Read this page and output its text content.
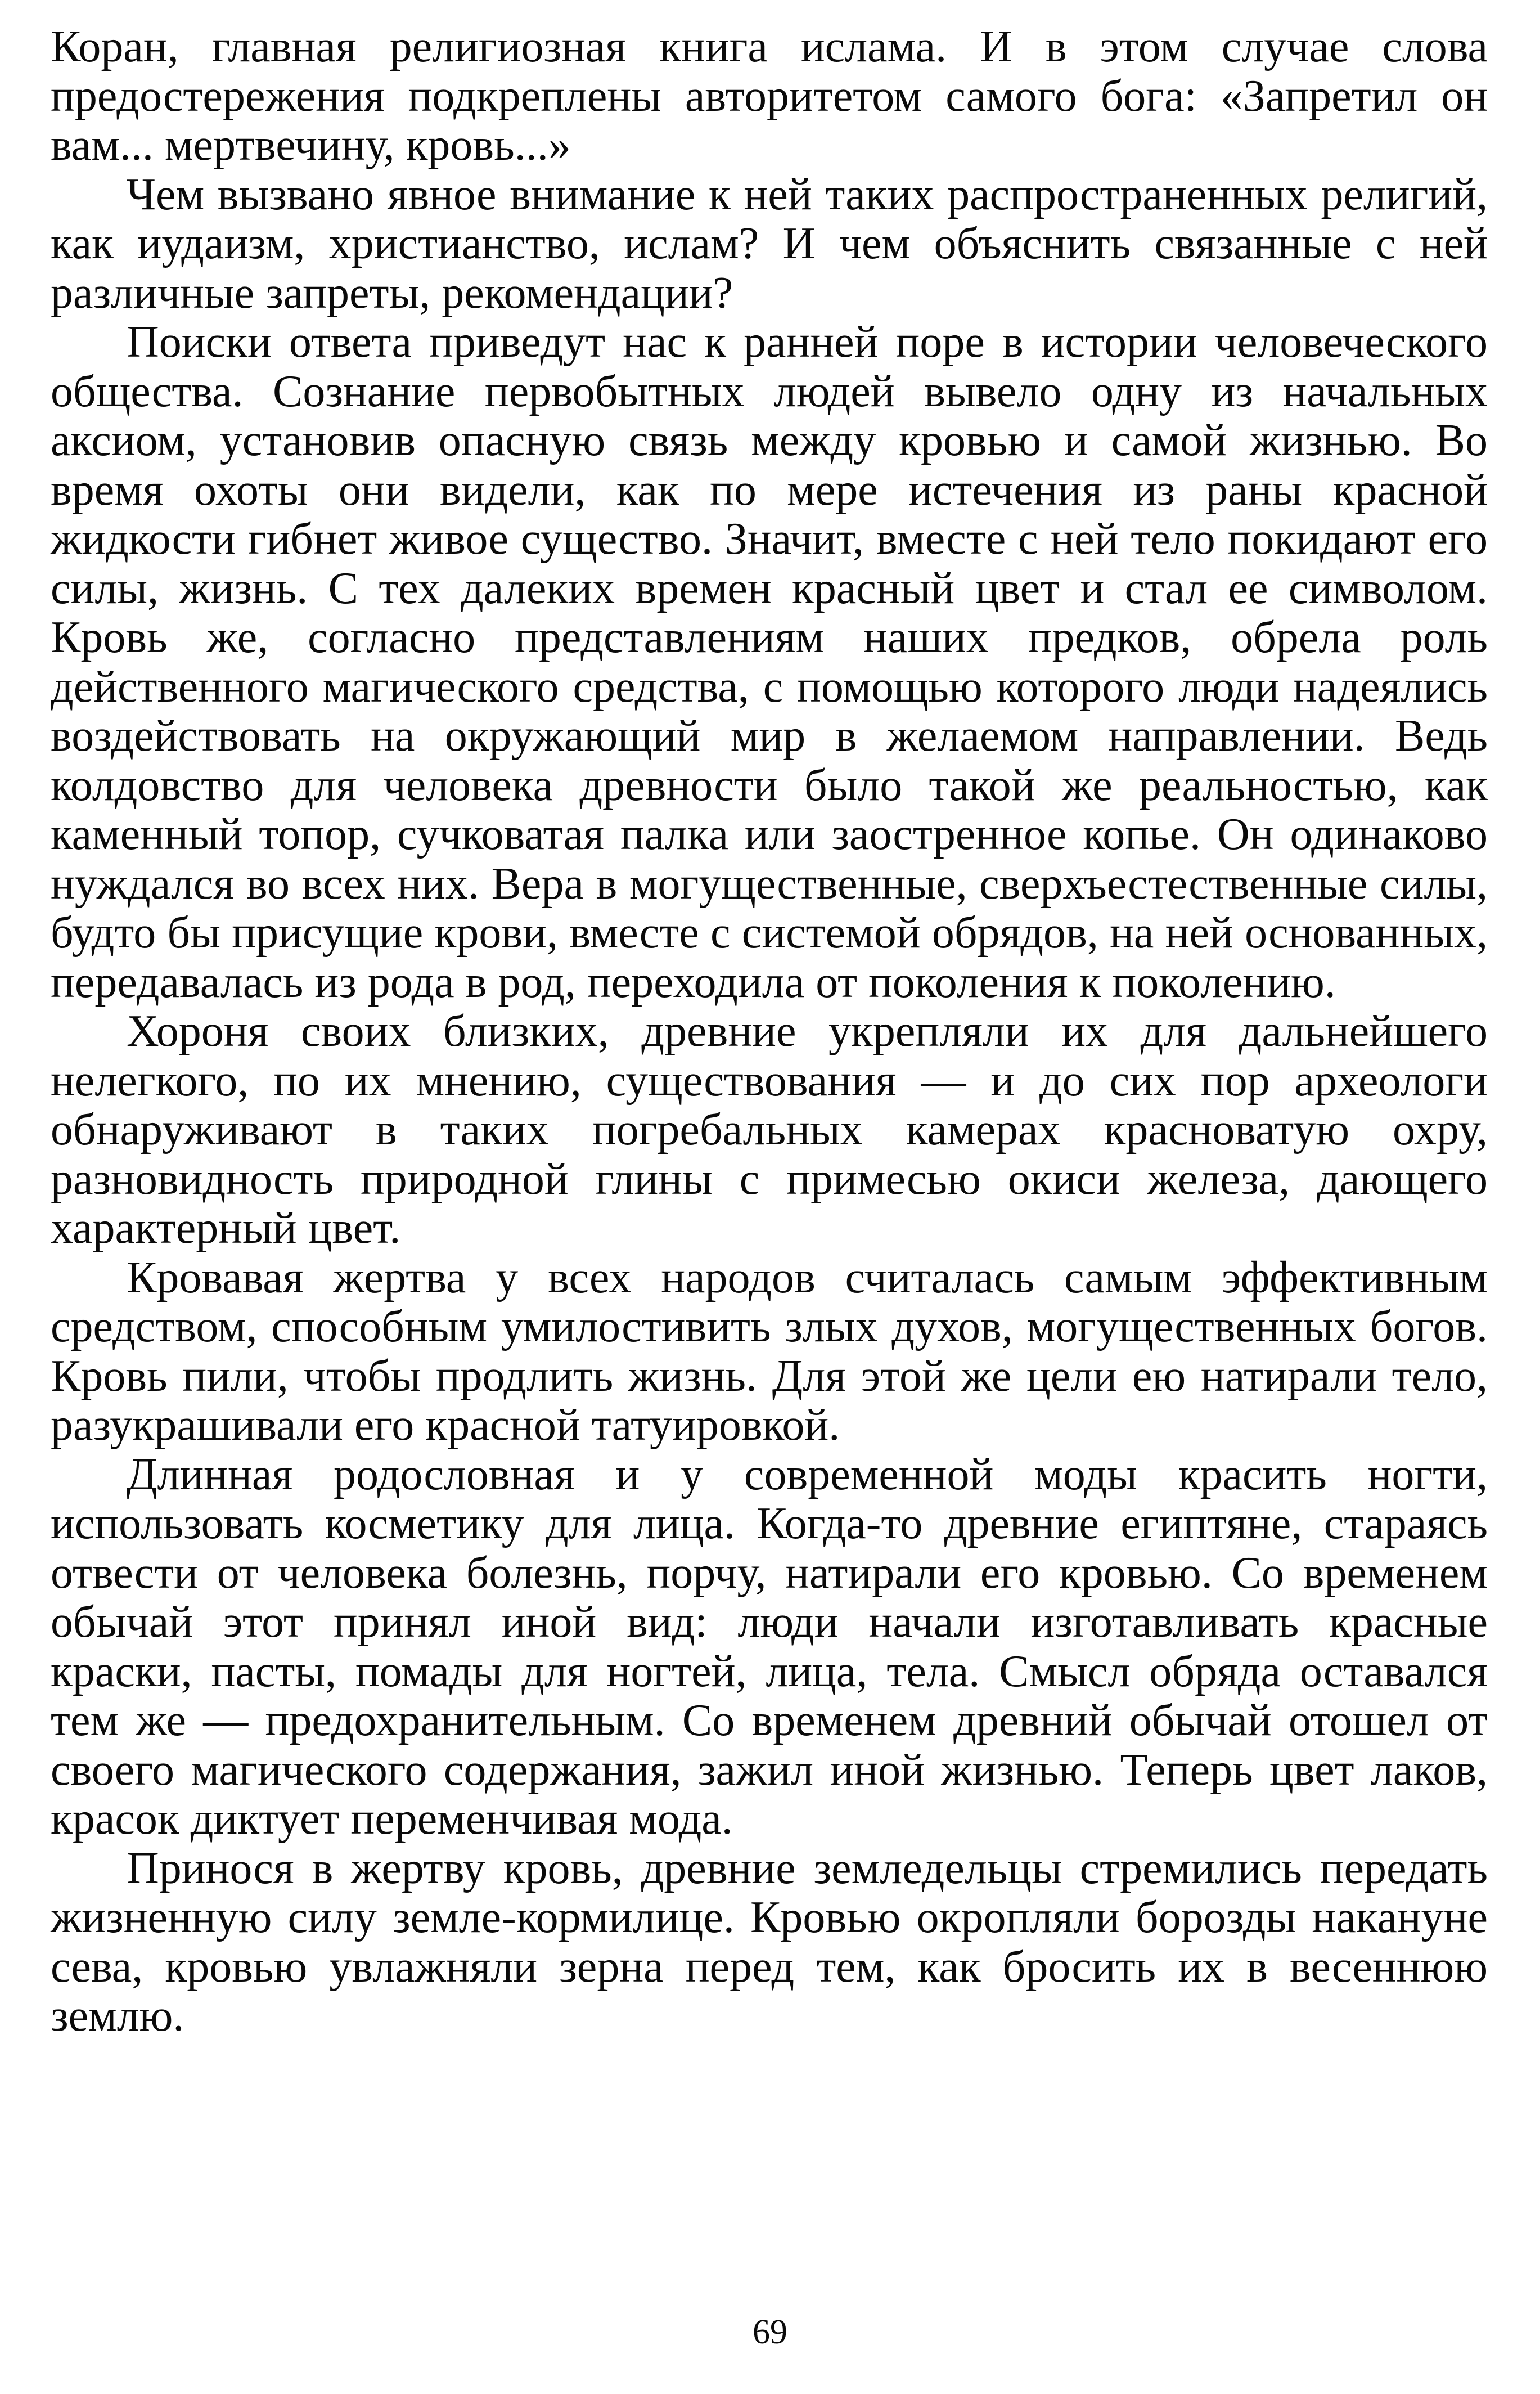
Коран, главная религиозная книга ислама. И в этом случае слова предостережения подкреплены авторитетом самого бога: «Запретил он вам... мертвечину, кровь...»

Чем вызвано явное внимание к ней таких распространенных религий, как иудаизм, христианство, ислам? И чем объяснить связанные с ней различные запреты, рекомендации?

Поиски ответа приведут нас к ранней поре в истории человеческого общества. Сознание первобытных людей вывело одну из начальных аксиом, установив опасную связь между кровью и самой жизнью. Во время охоты они видели, как по мере истечения из раны красной жидкости гибнет живое существо. Значит, вместе с ней тело покидают его силы, жизнь. С тех далеких времен красный цвет и стал ее символом. Кровь же, согласно представлениям наших предков, обрела роль действенного магического средства, с помощью которого люди надеялись воздействовать на окружающий мир в желаемом направлении. Ведь колдовство для человека древности было такой же реальностью, как каменный топор, сучковатая палка или заостренное копье. Он одинаково нуждался во всех них. Вера в могущественные, сверхъестественные силы, будто бы присущие крови, вместе с системой обрядов, на ней основанных, передавалась из рода в род, переходила от поколения к поколению.

Хороня своих близких, древние укрепляли их для дальнейшего нелегкого, по их мнению, существования — и до сих пор археологи обнаруживают в таких погребальных камерах красноватую охру, разновидность природной глины с примесью окиси железа, дающего характерный цвет.

Кровавая жертва у всех народов считалась самым эффективным средством, способным умилостивить злых духов, могущественных богов. Кровь пили, чтобы продлить жизнь. Для этой же цели ею натирали тело, разукрашивали его красной татуировкой.

Длинная родословная и у современной моды красить ногти, использовать косметику для лица. Когда-то древние египтяне, стараясь отвести от человека болезнь, порчу, натирали его кровью. Со временем обычай этот принял иной вид: люди начали изготавливать красные краски, пасты, помады для ногтей, лица, тела. Смысл обряда оставался тем же — предохранительным. Со временем древний обычай отошел от своего магического содержания, зажил иной жизнью. Теперь цвет лаков, красок диктует переменчивая мода.

Принося в жертву кровь, древние земледельцы стремились передать жизненную силу земле-кормилице. Кровью окропляли борозды накануне сева, кровью увлажняли зерна перед тем, как бросить их в весеннюю землю.

69
